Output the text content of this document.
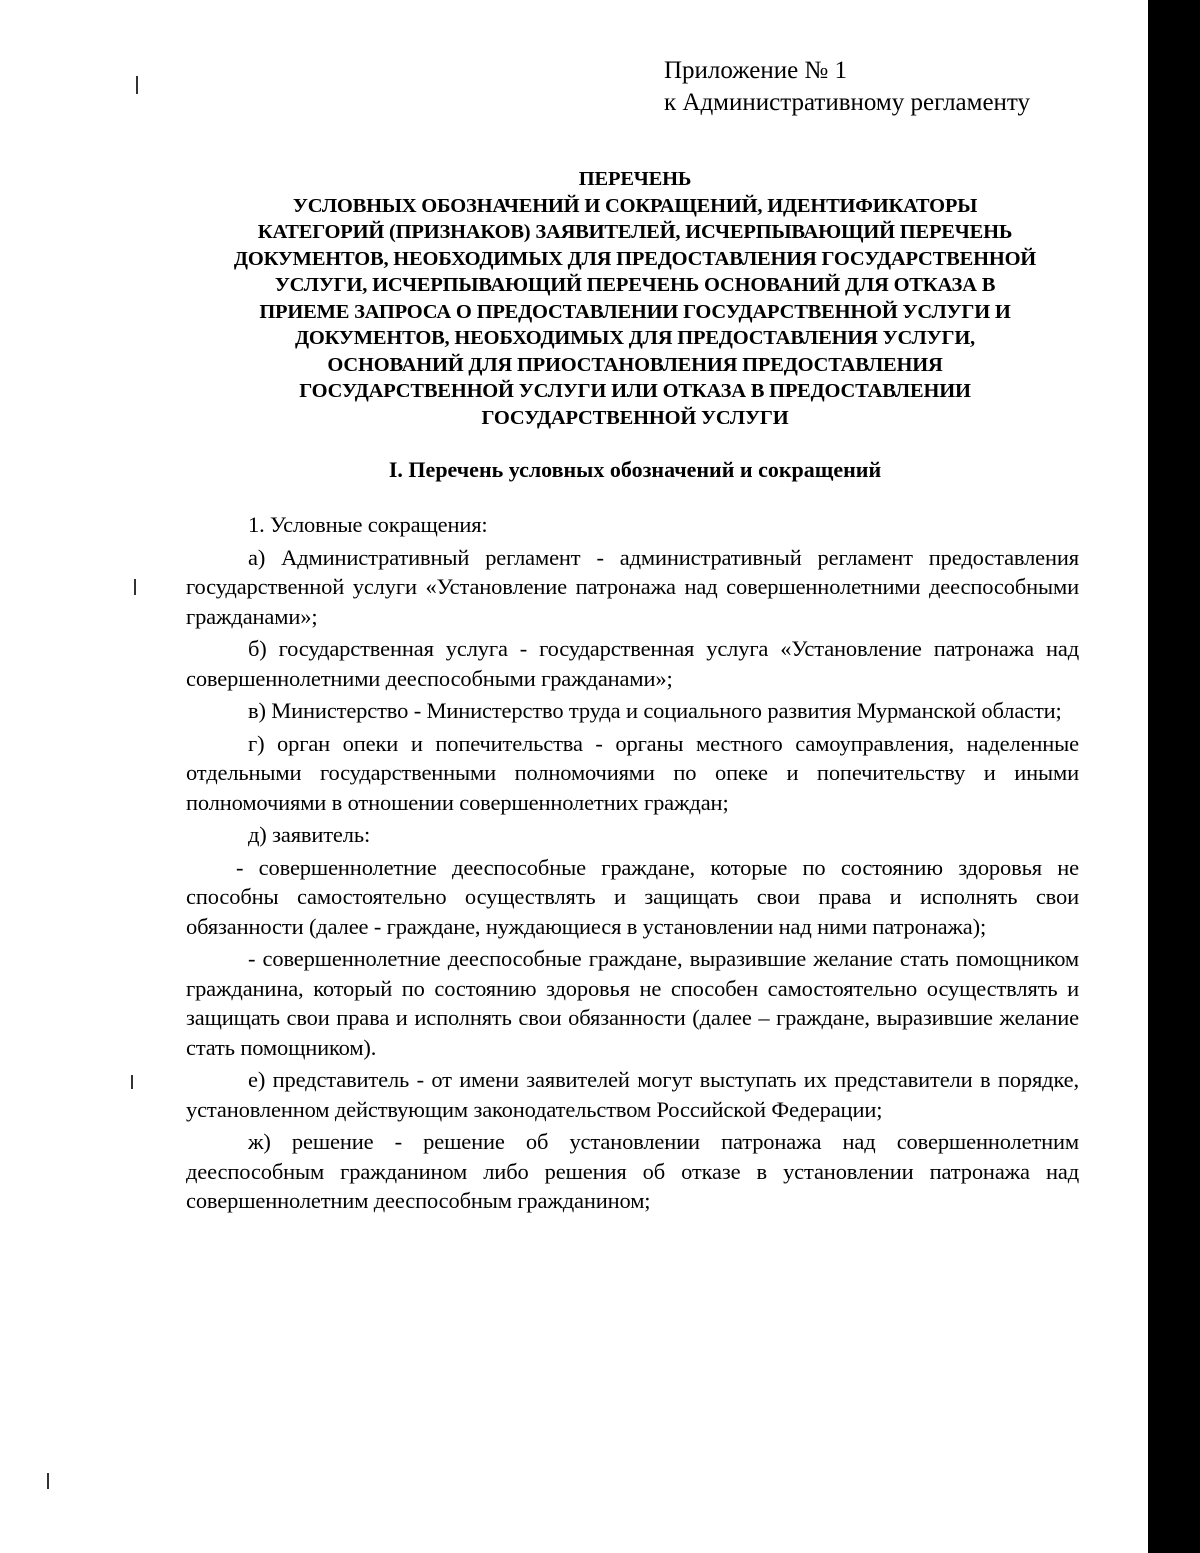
Приложение № 1
к Административному регламенту
ПЕРЕЧЕНЬ
УСЛОВНЫХ ОБОЗНАЧЕНИЙ И СОКРАЩЕНИЙ, ИДЕНТИФИКАТОРЫ
КАТЕГОРИЙ (ПРИЗНАКОВ) ЗАЯВИТЕЛЕЙ, ИСЧЕРПЫВАЮЩИЙ ПЕРЕЧЕНЬ
ДОКУМЕНТОВ, НЕОБХОДИМЫХ ДЛЯ ПРЕДОСТАВЛЕНИЯ ГОСУДАРСТВЕННОЙ
УСЛУГИ, ИСЧЕРПЫВАЮЩИЙ ПЕРЕЧЕНЬ ОСНОВАНИЙ ДЛЯ ОТКАЗА В
ПРИЕМЕ ЗАПРОСА О ПРЕДОСТАВЛЕНИИ ГОСУДАРСТВЕННОЙ УСЛУГИ И
ДОКУМЕНТОВ, НЕОБХОДИМЫХ ДЛЯ ПРЕДОСТАВЛЕНИЯ УСЛУГИ,
ОСНОВАНИЙ ДЛЯ ПРИОСТАНОВЛЕНИЯ ПРЕДОСТАВЛЕНИЯ
ГОСУДАРСТВЕННОЙ УСЛУГИ ИЛИ ОТКАЗА В ПРЕДОСТАВЛЕНИИ
ГОСУДАРСТВЕННОЙ УСЛУГИ
I. Перечень условных обозначений и сокращений

1. Условные сокращения:

а) Административный регламент - административный регламент предоставления государственной услуги «Установление патронажа над совершеннолетними дееспособными гражданами»;

б) государственная услуга - государственная услуга «Установление патронажа над совершеннолетними дееспособными гражданами»;

в) Министерство - Министерство труда и социального развития Мурманской области;

г) орган опеки и попечительства - органы местного самоуправления, наделенные отдельными государственными полномочиями по опеке и попечительству и иными полномочиями в отношении совершеннолетних граждан;

д) заявитель:

- совершеннолетние дееспособные граждане, которые по состоянию здоровья не способны самостоятельно осуществлять и защищать свои права и исполнять свои обязанности (далее - граждане, нуждающиеся в установлении над ними патронажа);

- совершеннолетние дееспособные граждане, выразившие желание стать помощником гражданина, который по состоянию здоровья не способен самостоятельно осуществлять и защищать свои права и исполнять свои обязанности (далее – граждане, выразившие желание стать помощником).

е) представитель - от имени заявителей могут выступать их представители в порядке, установленном действующим законодательством Российской Федерации;

ж) решение - решение об установлении патронажа над совершеннолетним дееспособным гражданином либо решения об отказе в установлении патронажа над совершеннолетним дееспособным гражданином;
